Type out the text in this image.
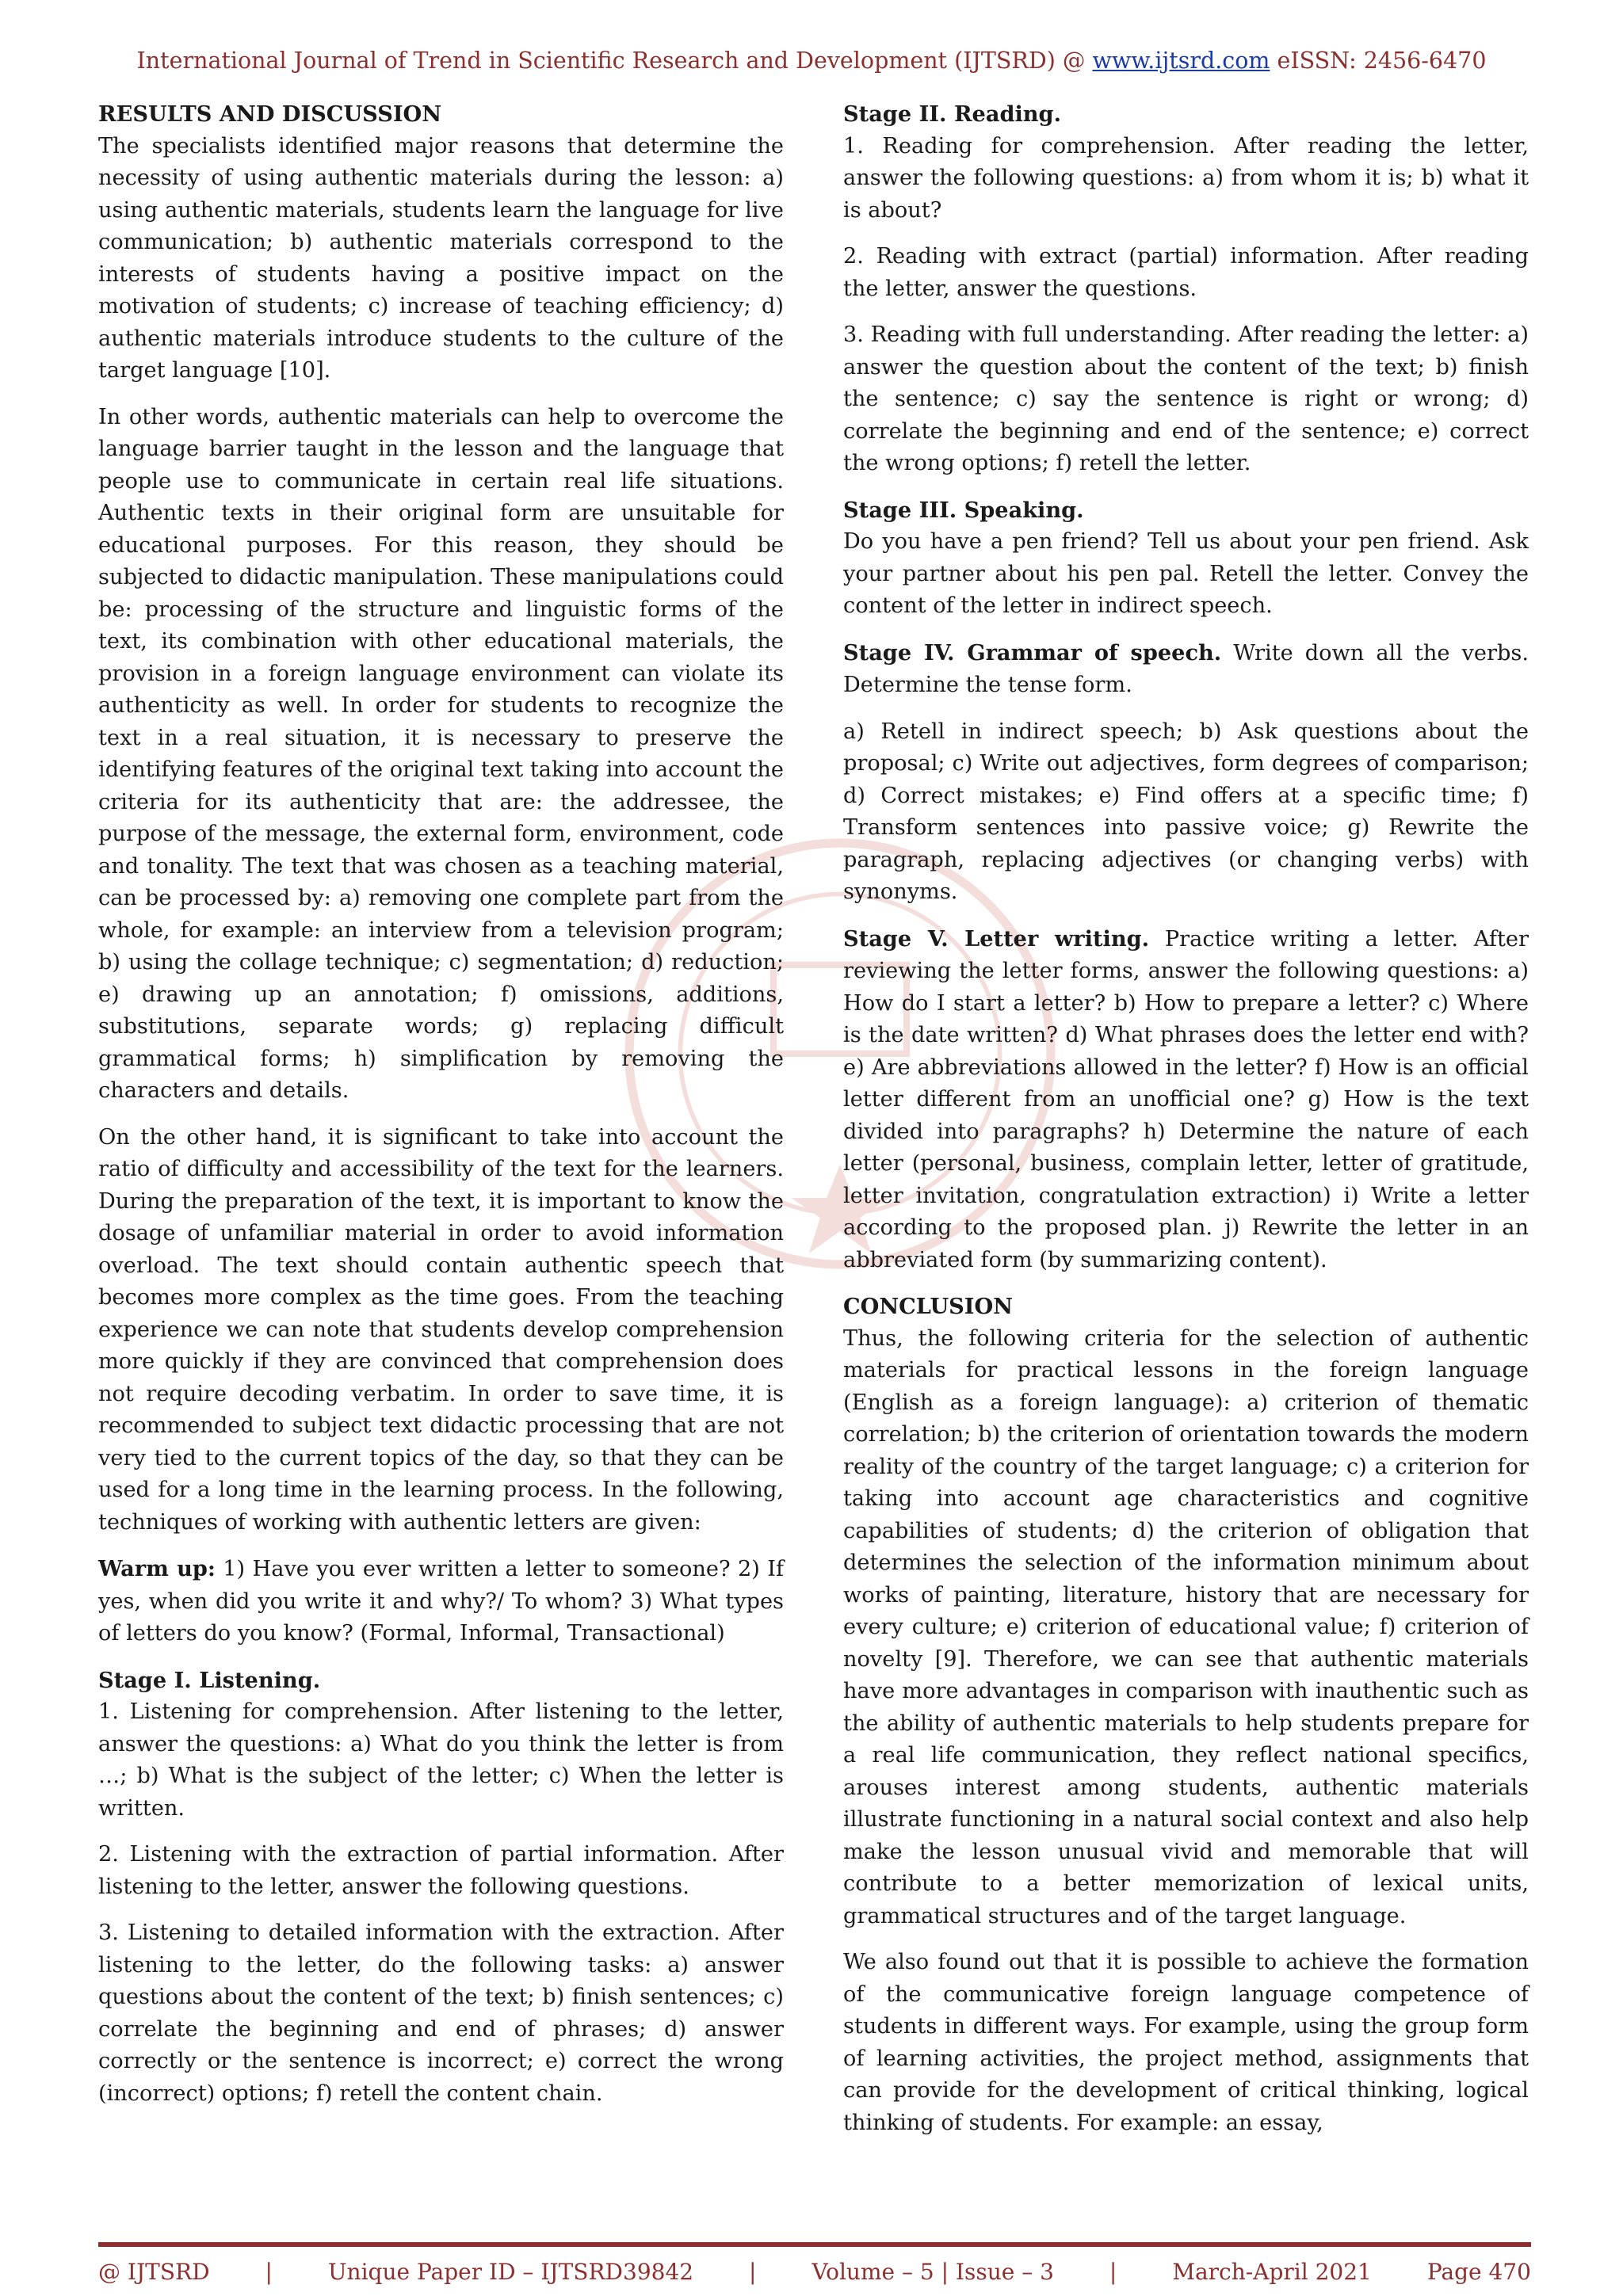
International Journal of Trend in Scientific Research and Development (IJTSRD) @ www.ijtsrd.com eISSN: 2456-6470
RESULTS AND DISCUSSION

The specialists identified major reasons that determine the necessity of using authentic materials during the lesson: a) using authentic materials, students learn the language for live communication; b) authentic materials correspond to the interests of students having a positive impact on the motivation of students; c) increase of teaching efficiency; d) authentic materials introduce students to the culture of the target language [10].

In other words, authentic materials can help to overcome the language barrier taught in the lesson and the language that people use to communicate in certain real life situations. Authentic texts in their original form are unsuitable for educational purposes. For this reason, they should be subjected to didactic manipulation. These manipulations could be: processing of the structure and linguistic forms of the text, its combination with other educational materials, the provision in a foreign language environment can violate its authenticity as well. In order for students to recognize the text in a real situation, it is necessary to preserve the identifying features of the original text taking into account the criteria for its authenticity that are: the addressee, the purpose of the message, the external form, environment, code and tonality. The text that was chosen as a teaching material, can be processed by: a) removing one complete part from the whole, for example: an interview from a television program; b) using the collage technique; c) segmentation; d) reduction; e) drawing up an annotation; f) omissions, additions, substitutions, separate words; g) replacing difficult grammatical forms; h) simplification by removing the characters and details.

On the other hand, it is significant to take into account the ratio of difficulty and accessibility of the text for the learners. During the preparation of the text, it is important to know the dosage of unfamiliar material in order to avoid information overload. The text should contain authentic speech that becomes more complex as the time goes. From the teaching experience we can note that students develop comprehension more quickly if they are convinced that comprehension does not require decoding verbatim. In order to save time, it is recommended to subject text didactic processing that are not very tied to the current topics of the day, so that they can be used for a long time in the learning process. In the following, techniques of working with authentic letters are given:

Warm up: 1) Have you ever written a letter to someone? 2) If yes, when did you write it and why?/ To whom? 3) What types of letters do you know? (Formal, Informal, Transactional)

Stage I. Listening.

1. Listening for comprehension. After listening to the letter, answer the questions: a) What do you think the letter is from …; b) What is the subject of the letter; c) When the letter is written.

2. Listening with the extraction of partial information. After listening to the letter, answer the following questions.

3. Listening to detailed information with the extraction. After listening to the letter, do the following tasks: a) answer questions about the content of the text; b) finish sentences; c) correlate the beginning and end of phrases; d) answer correctly or the sentence is incorrect; e) correct the wrong (incorrect) options; f) retell the content chain.

Stage II. Reading.

1. Reading for comprehension. After reading the letter, answer the following questions: a) from whom it is; b) what it is about?

2. Reading with extract (partial) information. After reading the letter, answer the questions.

3. Reading with full understanding. After reading the letter: a) answer the question about the content of the text; b) finish the sentence; c) say the sentence is right or wrong; d) correlate the beginning and end of the sentence; e) correct the wrong options; f) retell the letter.

Stage III. Speaking.

Do you have a pen friend? Tell us about your pen friend. Ask your partner about his pen pal. Retell the letter. Convey the content of the letter in indirect speech.

Stage IV. Grammar of speech. Write down all the verbs. Determine the tense form.

a) Retell in indirect speech; b) Ask questions about the proposal; c) Write out adjectives, form degrees of comparison; d) Correct mistakes; e) Find offers at a specific time; f) Transform sentences into passive voice; g) Rewrite the paragraph, replacing adjectives (or changing verbs) with synonyms.

Stage V. Letter writing. Practice writing a letter. After reviewing the letter forms, answer the following questions: a) How do I start a letter? b) How to prepare a letter? c) Where is the date written? d) What phrases does the letter end with? e) Are abbreviations allowed in the letter? f) How is an official letter different from an unofficial one? g) How is the text divided into paragraphs? h) Determine the nature of each letter (personal, business, complain letter, letter of gratitude, letter invitation, congratulation extraction) i) Write a letter according to the proposed plan. j) Rewrite the letter in an abbreviated form (by summarizing content).

CONCLUSION

Thus, the following criteria for the selection of authentic materials for practical lessons in the foreign language (English as a foreign language): a) criterion of thematic correlation; b) the criterion of orientation towards the modern reality of the country of the target language; c) a criterion for taking into account age characteristics and cognitive capabilities of students; d) the criterion of obligation that determines the selection of the information minimum about works of painting, literature, history that are necessary for every culture; e) criterion of educational value; f) criterion of novelty [9]. Therefore, we can see that authentic materials have more advantages in comparison with inauthentic such as the ability of authentic materials to help students prepare for a real life communication, they reflect national specifics, arouses interest among students, authentic materials illustrate functioning in a natural social context and also help make the lesson unusual vivid and memorable that will contribute to a better memorization of lexical units, grammatical structures and of the target language.

We also found out that it is possible to achieve the formation of the communicative foreign language competence of students in different ways. For example, using the group form of learning activities, the project method, assignments that can provide for the development of critical thinking, logical thinking of students. For example: an essay,

@ IJTSRD | Unique Paper ID – IJTSRD39842 | Volume – 5 | Issue – 3 | March-April 2021 Page 470
